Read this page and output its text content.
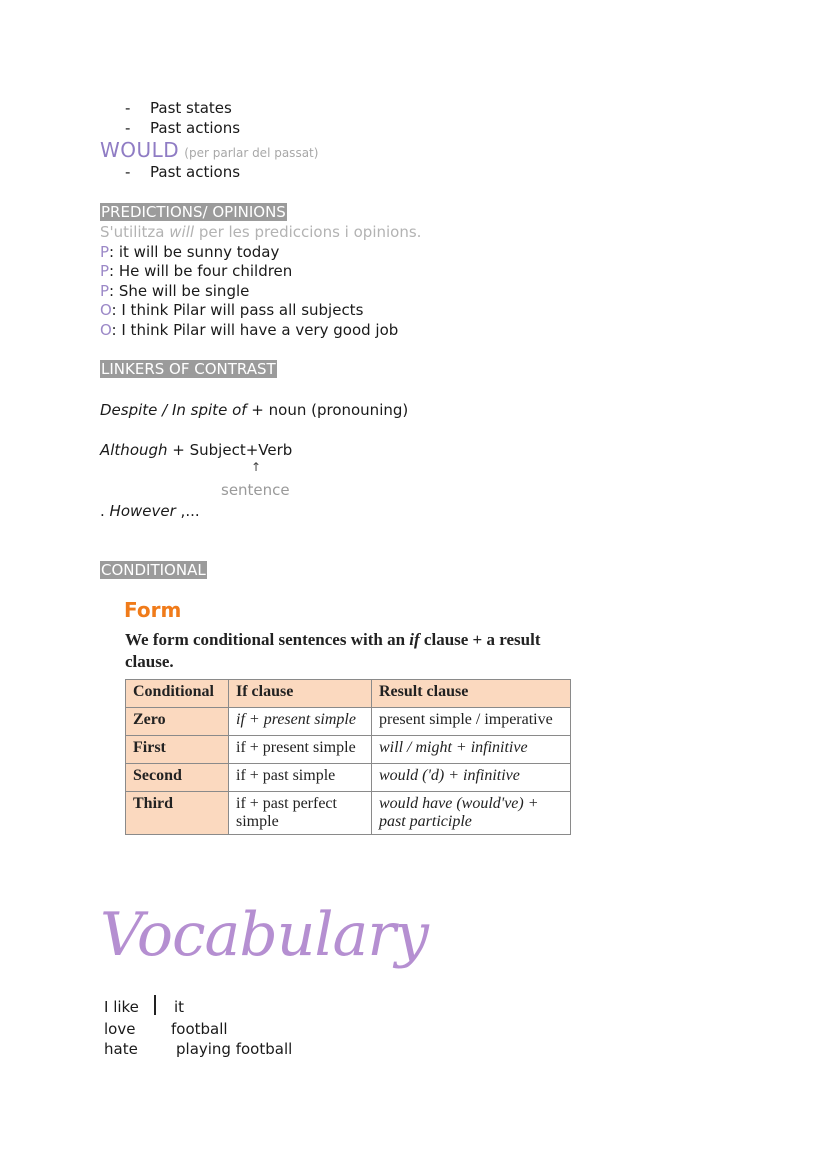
- Past states
- Past actions
WOULD (per parlar del passat)
- Past actions
PREDICTIONS/ OPINIONS
S'utilitza will per les prediccions i opinions.
P: it will be sunny today
P: He will be four children
P: She will be single
O: I think Pilar will pass all subjects
O: I think Pilar will have a very good job
LINKERS OF CONTRAST
Despite / In spite of + noun (pronouning)
Although + Subject+Verb
↑
sentence
. However ,...
CONDITIONAL
Form
We form conditional sentences with an if clause + a result clause.
Conditional	If clause	Result clause
Zero	if + present simple	present simple / imperative
First	if + present simple	will / might + infinitive
Second	if + past simple	would ('d) + infinitive
Third	if + past perfect simple	would have (would've) + past participle
Vocabulary
I like it
love football
hate	playing football
